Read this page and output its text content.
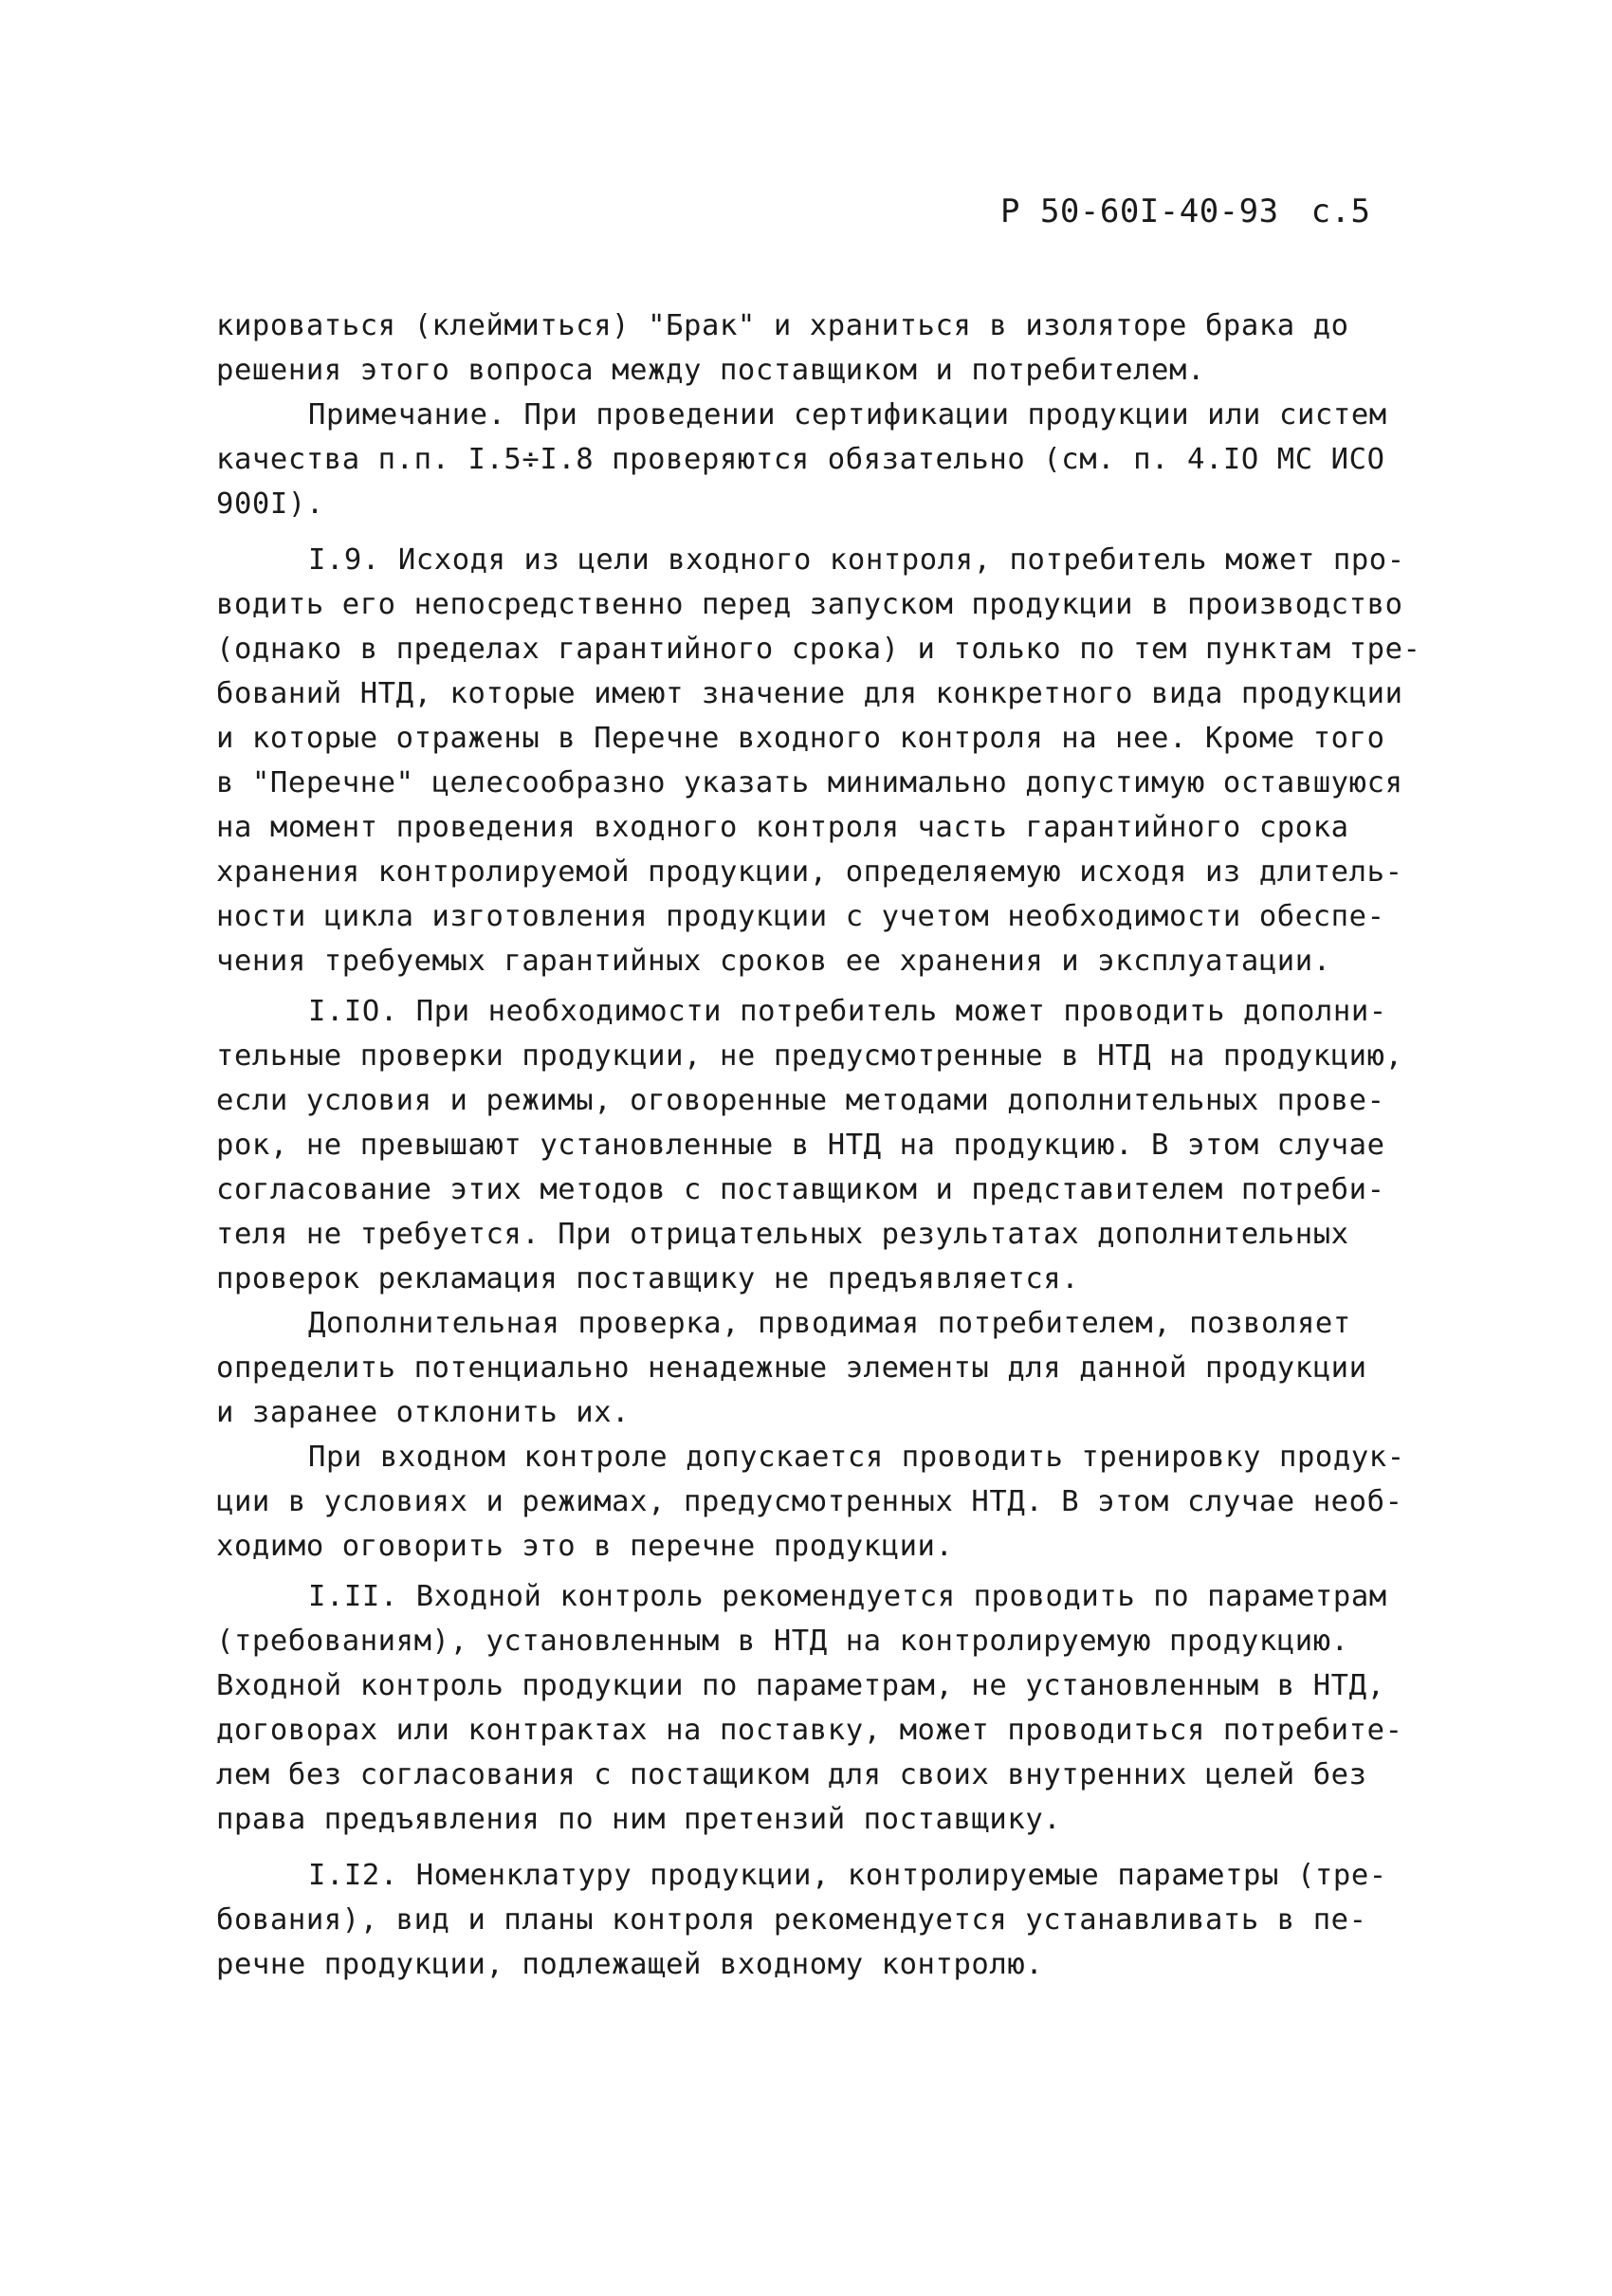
Р 50-60I-40-93 с.5
кироваться (клеймиться) "Брак" и храниться в изоляторе брака до
решения этого вопроса между поставщиком и потребителем.
Примечание. При проведении сертификации продукции или систем
качества п.п. I.5÷I.8 проверяются обязательно (см. п. 4.IO МС ИСО
900I).
I.9. Исходя из цели входного контроля, потребитель может про-
водить его непосредственно перед запуском продукции в производство
(однако в пределах гарантийного срока) и только по тем пунктам тре-
бований НТД, которые имеют значение для конкретного вида продукции
и которые отражены в Перечне входного контроля на нее. Кроме того
в "Перечне" целесообразно указать минимально допустимую оставшуюся
на момент проведения входного контроля часть гарантийного срока
хранения контролируемой продукции, определяемую исходя из длитель-
ности цикла изготовления продукции с учетом необходимости обеспе-
чения требуемых гарантийных сроков ее хранения и эксплуатации.
I.IO. При необходимости потребитель может проводить дополни-
тельные проверки продукции, не предусмотренные в НТД на продукцию,
если условия и режимы, оговоренные методами дополнительных прове-
рок, не превышают установленные в НТД на продукцию. В этом случае
согласование этих методов с поставщиком и представителем потреби-
теля не требуется. При отрицательных результатах дополнительных
проверок рекламация поставщику не предъявляется.
Дополнительная проверка, прводимая потребителем, позволяет
определить потенциально ненадежные элементы для данной продукции
и заранее отклонить их.
При входном контроле допускается проводить тренировку продук-
ции в условиях и режимах, предусмотренных НТД. В этом случае необ-
ходимо оговорить это в перечне продукции.
I.II. Входной контроль рекомендуется проводить по параметрам
(требованиям), установленным в НТД на контролируемую продукцию.
Входной контроль продукции по параметрам, не установленным в НТД,
договорах или контрактах на поставку, может проводиться потребите-
лем без согласования с постащиком для своих внутренних целей без
права предъявления по ним претензий поставщику.
I.I2. Номенклатуру продукции, контролируемые параметры (тре-
бования), вид и планы контроля рекомендуется устанавливать в пе-
речне продукции, подлежащей входному контролю.
